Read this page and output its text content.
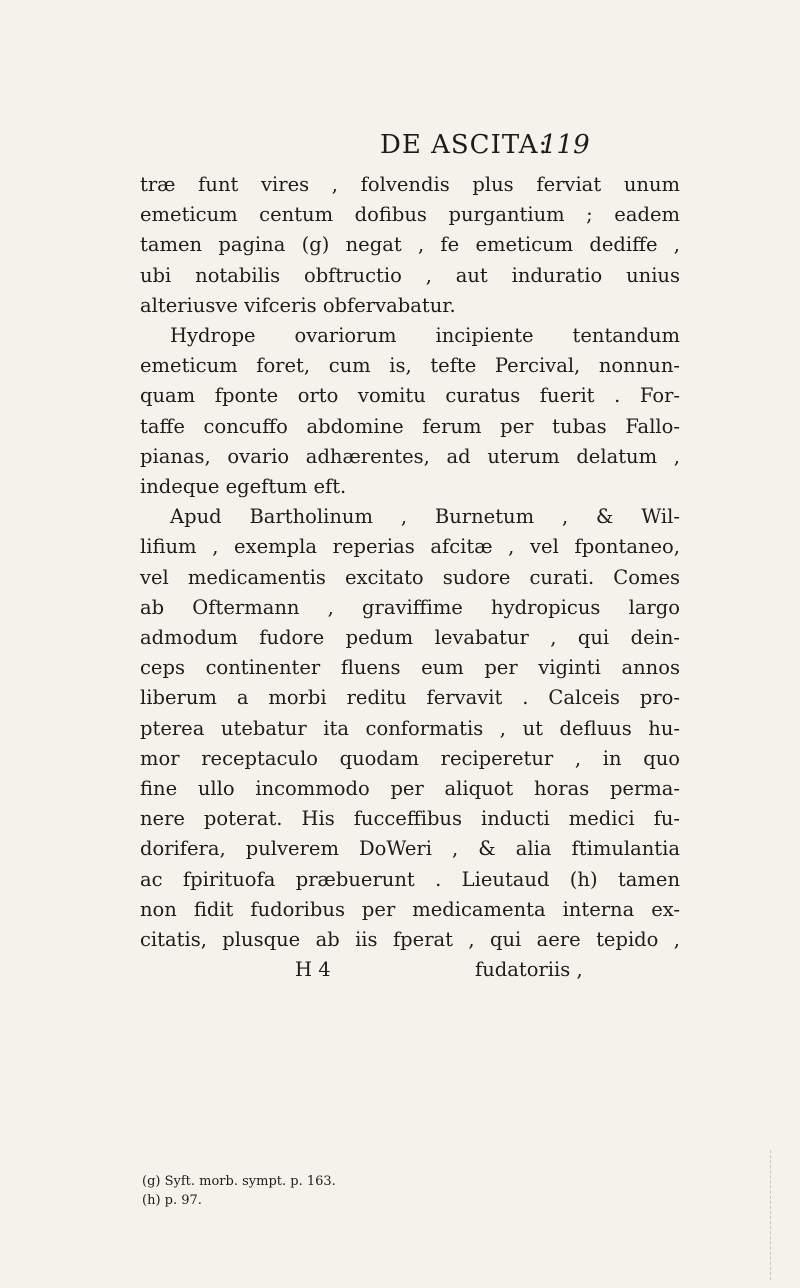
DE ASCITA:
119
træ funt vires , folvendis plus ferviat unum
emeticum centum dofibus purgantium ; eadem
tamen pagina (g) negat , fe emeticum dediffe ,
ubi notabilis obftructio , aut induratio unius
alteriusve vifceris obfervabatur.
Hydrope ovariorum incipiente tentandum
emeticum foret, cum is, tefte Percival, nonnun-
quam fponte orto vomitu curatus fuerit . For-
taffe concuffo abdomine ferum per tubas Fallo-
pianas, ovario adhærentes, ad uterum delatum ,
indeque egeftum eft.
Apud Bartholinum , Burnetum , & Wil-
lifium , exempla reperias afcitæ , vel fpontaneo,
vel medicamentis excitato sudore curati. Comes
ab Oftermann , graviffime hydropicus largo
admodum fudore pedum levabatur , qui dein-
ceps continenter fluens eum per viginti annos
liberum a morbi reditu fervavit . Calceis pro-
pterea utebatur ita conformatis , ut defluus hu-
mor receptaculo quodam reciperetur , in quo
fine ullo incommodo per aliquot horas perma-
nere poterat. His fucceffibus inducti medici fu-
dorifera, pulverem DoWeri , & alia ftimulantia
ac fpirituofa præbuerunt . Lieutaud (h) tamen
non fidit fudoribus per medicamenta interna ex-
citatis, plusque ab iis fperat , qui aere tepido ,
H 4	fudatoriis ,
(g) Syft. morb. sympt. p. 163.
(h) p. 97.
